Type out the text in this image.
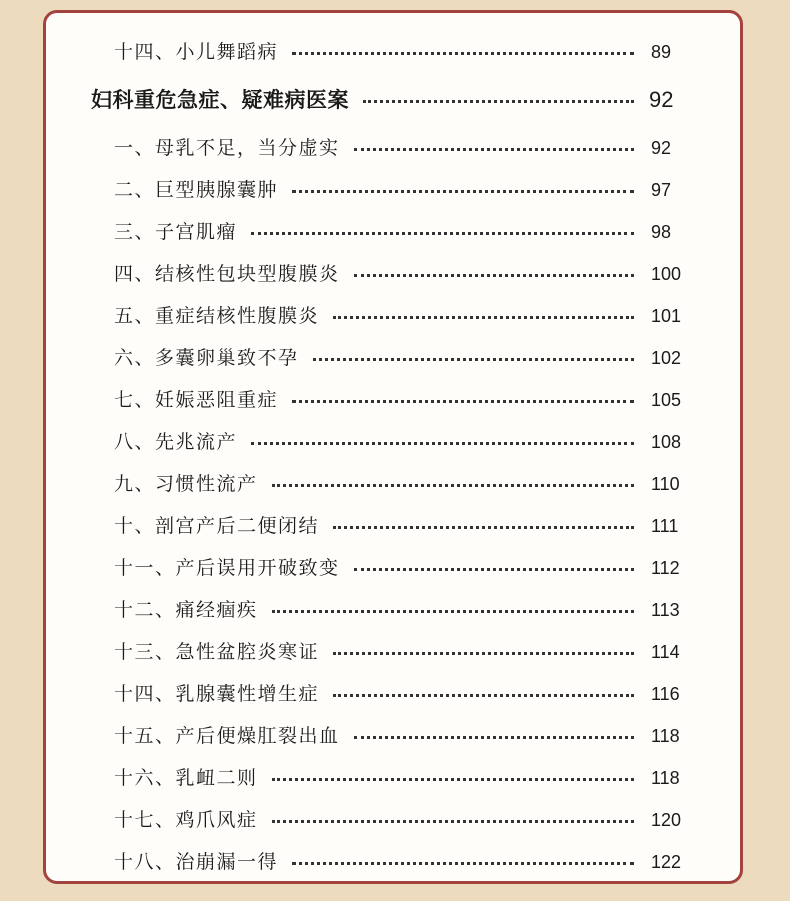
十四、小儿舞蹈病	89
妇科重危急症、疑难病医案	92
一、母乳不足，当分虚实	92
二、巨型胰腺囊肿	97
三、子宫肌瘤	98
四、结核性包块型腹膜炎	100
五、重症结核性腹膜炎	101
六、多囊卵巢致不孕	102
七、妊娠恶阻重症	105
八、先兆流产	108
九、习惯性流产	110
十、剖宫产后二便闭结	111
十一、产后误用开破致变	112
十二、痛经痼疾	113
十三、急性盆腔炎寒证	114
十四、乳腺囊性增生症	116
十五、产后便燥肛裂出血	118
十六、乳衄二则	118
十七、鸡爪风症	120
十八、治崩漏一得	122
